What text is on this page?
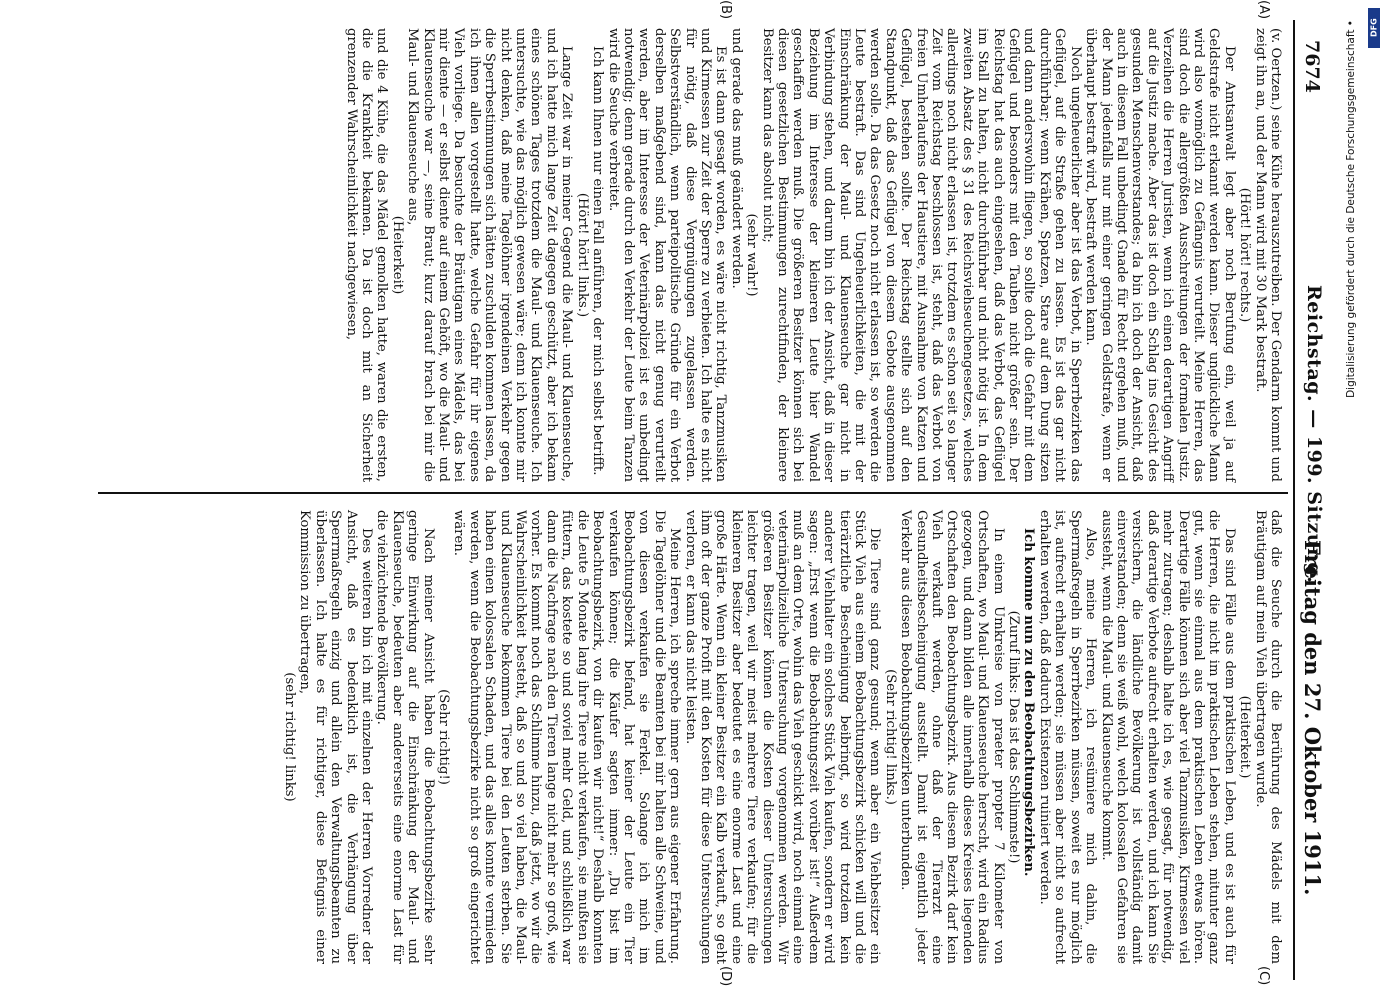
7674
Reichstag. — 199. Sitzung.
Freitag den 27. Oktober 1911.
(A)
(B)
(C)
(D)

(v. Oertzen.) seine Kühe herauszutreiben. Der Gendarm kommt und zeigt ihn an, und der Mann wird mit 30 Mark bestraft.

(Hört! hört! rechts.)

Der Amtsanwalt legt aber noch Berufung ein, weil ja auf Geldstrafe nicht erkannt werden kann. Dieser unglückliche Mann wird also womöglich zu Gefängnis verurteilt. Meine Herren, das sind doch die allergrößten Ausschreitungen der formalen Justiz. Verzeihen die Herren Juristen, wenn ich einen derartigen Angriff auf die Justiz mache. Aber das ist doch ein Schlag ins Gesicht des gesunden Menschenverstandes; da bin ich doch der Ansicht, daß auch in diesem Fall unbedingt Gnade für Recht ergehen muß, und der Mann jedenfalls nur mit einer geringen Geldstrafe, wenn er überhaupt bestraft wird, bestraft werden kann.

Noch ungeheuerlicher aber ist das Verbot, in Sperrbezirken das Geflügel, auf die Straße gehen zu lassen. Es ist das gar nicht durchführbar; wenn Krähen, Spatzen, Stare auf dem Dung sitzen und dann anderswohin fliegen, so sollte doch die Gefahr mit dem Geflügel und besonders mit den Tauben nicht größer sein. Der Reichstag hat das auch eingesehen, daß das Verbot, das Geflügel im Stall zu halten, nicht durchführbar und nicht nötig ist. In dem zweiten Absatz des § 31 des Reichsviehseuchengesetzes, welches allerdings noch nicht erlassen ist, trotzdem es schon seit so langer Zeit vom Reichstag beschlossen ist, steht, daß das Verbot von freien Umherlaufens der Haustiere, mit Ausnahme von Katzen und Geflügel, bestehen sollte. Der Reichstag stellte sich auf den Standpunkt, daß das Geflügel von diesem Gebote ausgenommen werden solle. Da das Gesetz noch nicht erlassen ist, so werden die Leute bestraft. Das sind Ungeheuerlichkeiten, die mit der Einschränkung der Maul- und Klauenseuche gar nicht in Verbindung stehen, und darum bin ich der Ansicht, daß in dieser Beziehung im Interesse der kleineren Leute hier Wandel geschaffen werden muß. Die größeren Besitzer können sich bei diesen gesetzlichen Bestimmungen zurechtfinden, der kleinere Besitzer kann das absolut nicht;

(sehr wahr!)

und gerade das muß geändert werden.

Es ist dann gesagt worden, es wäre nicht richtig, Tanzmusiken und Kirmessen zur Zeit der Sperre zu verbieten. Ich halte es nicht für nötig, daß diese Vergnügungen zugelassen werden. Selbstverständlich, wenn parteipolitische Gründe für ein Verbot derselben maßgebend sind, kann das nicht genug verurteilt werden, aber im Interesse der Veterinärpolizei ist es unbedingt notwendig; denn gerade durch den Verkehr der Leute beim Tanzen wird die Seuche verbreitet.

Ich kann Ihnen nur einen Fall anführen, der mich selbst betrifft.

(Hört! hört! links.)

Lange Zeit war in meiner Gegend die Maul- und Klauenseuche, und ich hatte mich lange Zeit dagegen geschützt, aber ich bekam eines schönen Tages trotzdem die Maul- und Klauenseuche. Ich untersuchte, wie das möglich gewesen wäre; denn ich konnte mir nicht denken, daß meine Tagelöhner irgendeinen Verkehr gegen die Sperrbestimmungen sich hätten zuschulden kommen lassen, da ich ihnen allen vorgestellt hatte, welche Gefahr für ihr eigenes Vieh vorliege. Da besuchte der Bräutigam eines Mädels, das bei mir diente — er selbst diente auf einem Gehöft, wo die Maul- und Klauenseuche war —, seine Braut; kurz darauf brach bei mir die Maul- und Klauenseuche aus,

(Heiterkeit)

und die 4 Kühe, die das Mädel gemolken hatte, waren die ersten, die die Krankheit bekamen. Da ist doch mit an Sicherheit grenzender Wahrscheinlichkeit nachgewiesen,

daß die Seuche durch die Berührung des Mädels mit dem Bräutigam auf mein Vieh übertragen wurde.

(Heiterkeit.)

Das sind Fälle aus dem praktischen Leben, und es ist auch für die Herren, die nicht im praktischen Leben stehen, mitunter ganz gut, wenn sie einmal aus dem praktischen Leben etwas hören. Derartige Fälle können sich aber viel Tanzmusiken, Kirmessen viel mehr zutragen; deshalb halte ich es, wie gesagt, für notwendig, daß derartige Verbote aufrecht erhalten werden, und ich kann Sie versichern, die ländliche Bevölkerung ist vollständig damit einverstanden; denn sie weiß wohl, welch kolossalen Gefahren sie aussteht, wenn die Maul- und Klauenseuche kommt.

Also, meine Herren, ich resümiere mich dahin, die Sperrmaßregeln in Sperrbezirken müssen, soweit es nur möglich ist, aufrecht erhalten werden; sie müssen aber nicht so aufrecht erhalten werden, daß dadurch Existenzen ruiniert werden.

Ich komme nun zu den Beobachtungsbezirken.

(Zuruf links: Das ist das Schlimmste!)

In einem Umkreise von praeter propter 7 Kilometer von Ortschaften, wo Maul- und Klauenseuche herrscht, wird ein Radius gezogen, und dann bilden alle innerhalb dieses Kreises liegenden Ortschaften den Beobachtungsbezirk. Aus diesem Bezirk darf kein Vieh verkauft werden, ohne daß der Tierarzt eine Gesundheitsbescheinigung ausstellt. Damit ist eigentlich jeder Verkehr aus diesen Beobachtungsbezirken unterbunden.

(Sehr richtig! links.)

Die Tiere sind ganz gesund; wenn aber ein Viehbesitzer ein Stück Vieh aus einem Beobachtungsbezirk schicken will und die tierärztliche Bescheinigung beibringt, so wird trotzdem kein anderer Viehhalter ein solches Stück Vieh kaufen, sondern er wird sagen: „Erst wenn die Beobachtungszeit vorüber ist!“ Außerdem muß an dem Orte, wohin das Vieh geschickt wird, noch einmal eine veterinärpolizeiliche Untersuchung vorgenommen werden. Wir größeren Besitzer können die Kosten dieser Untersuchungen leichter tragen, weil wir meist mehrere Tiere verkaufen; für die kleineren Besitzer aber bedeutet es eine enorme Last und eine große Härte. Wenn ein kleiner Besitzer ein Kalb verkauft, so geht ihm oft der ganze Profit mit den Kosten für diese Untersuchungen verloren, er kann das nicht leisten.

Meine Herren, ich spreche immer gern aus eigener Erfahrung. Die Tagelöhner und die Beamten bei mir halten alle Schweine, und von diesen verkaufen sie Ferkel. Solange ich mich im Beobachtungsbezirk befand, hat keiner der Leute ein Tier verkaufen können; die Käufer sagten immer: „Du bist im Beobachtungsbezirk, von dir kaufen wir nicht!“ Deshalb konnten die Leute 5 Monate lang ihre Tiere nicht verkaufen, sie mußten sie füttern, das kostete so und soviel mehr Geld, und schließlich war dann die Nachfrage nach den Tieren lange nicht mehr so groß, wie vorher. Es kommt noch das Schlimme hinzu, daß jetzt, wo wir die Wahrscheinlichkeit besteht, daß so und so viel haben, die Maul- und Klauenseuche bekommen Tiere bei den Leuten sterben. Sie haben einen kolossalen Schaden, und das alles konnte vermieden werden, wenn die Beobachtungsbezirke nicht so groß eingerichtet wären.

(Sehr richtig!)

Nach meiner Ansicht haben die Beobachtungsbezirke sehr geringe Einwirkung auf die Einschränkung der Maul- und Klauenseuche, bedeuten aber andererseits eine enorme Last für die viehzüchtende Bevölkerung.

Des weiteren bin ich mit einzelnen der Herren Vorredner der Ansicht, daß es bedenklich ist, die Verhängung über Sperrmaßregeln einzig und allein den Verwaltungsbeamten zu überlassen. Ich halte es für richtiger, diese Befugnis einer Kommission zu übertragen,

(sehr richtig! links)

Digitalisierung gefördert durch die Deutsche Forschungsgemeinschaft • DFG
